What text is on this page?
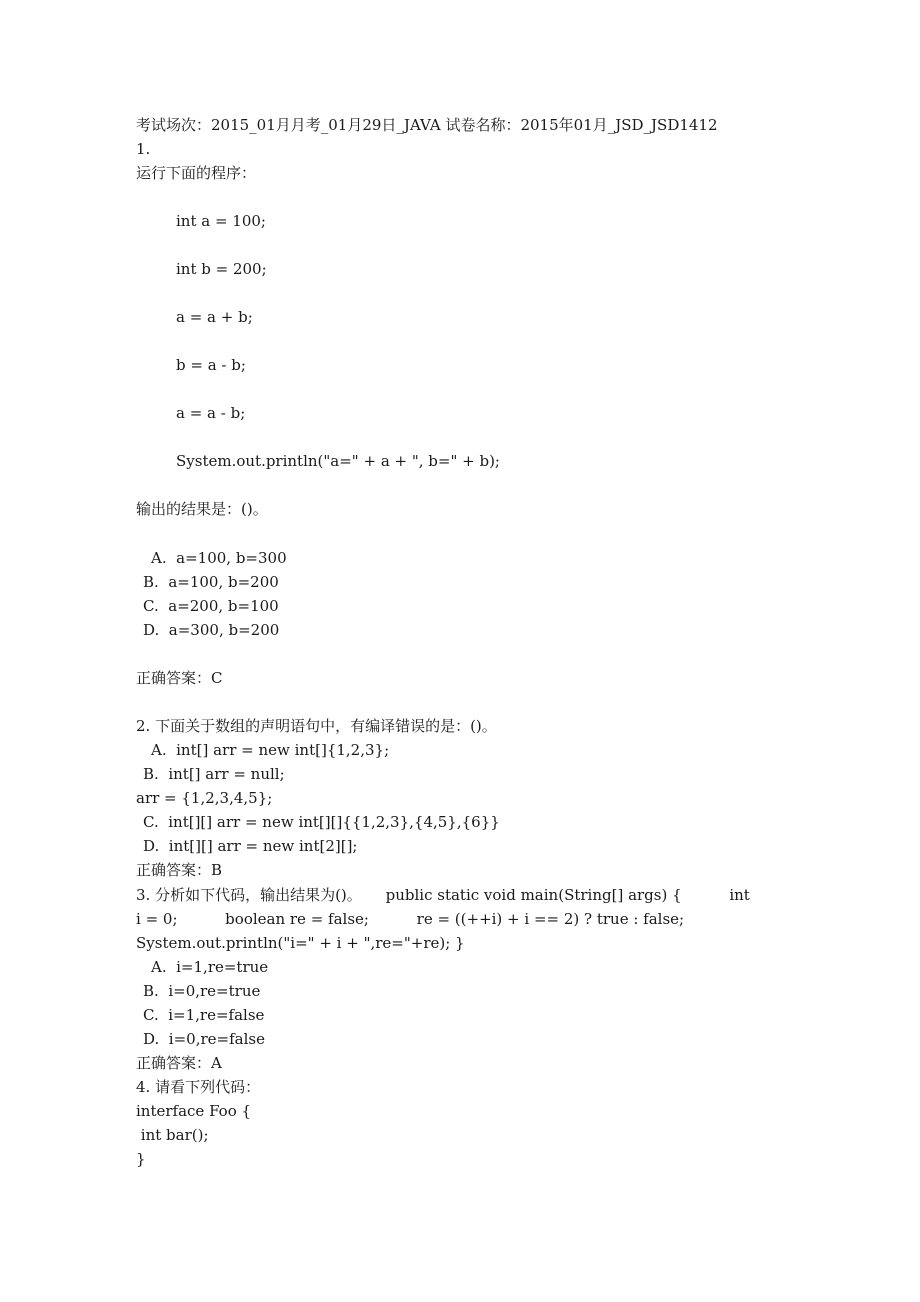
考试场次：2015_01月月考_01月29日_JAVA 试卷名称：2015年01月_JSD_JSD1412
1.
运行下面的程序：
int a = 100;
int b = 200;
a = a + b;
b = a - b;
a = a - b;
System.out.println("a=" + a + ", b=" + b);
输出的结果是：()。
A.  a=100, b=300
B.  a=100, b=200
C.  a=200, b=100
D.  a=300, b=200
正确答案：C
2. 下面关于数组的声明语句中，有编译错误的是：()。
A.  int[] arr = new int[]{1,2,3};
B.  int[] arr = null;
arr = {1,2,3,4,5};
C.  int[][] arr = new int[][]{{1,2,3},{4,5},{6}}
D.  int[][] arr = new int[2][];
正确答案：B
3. 分析如下代码，输出结果为()。     public static void main(String[] args) {          int
i = 0;          boolean re = false;          re = ((++i) + i == 2) ? true : false;
System.out.println("i=" + i + ",re="+re); }
A.  i=1,re=true
B.  i=0,re=true
C.  i=1,re=false
D.  i=0,re=false
正确答案：A
4. 请看下列代码：
interface Foo {
int bar();
}
